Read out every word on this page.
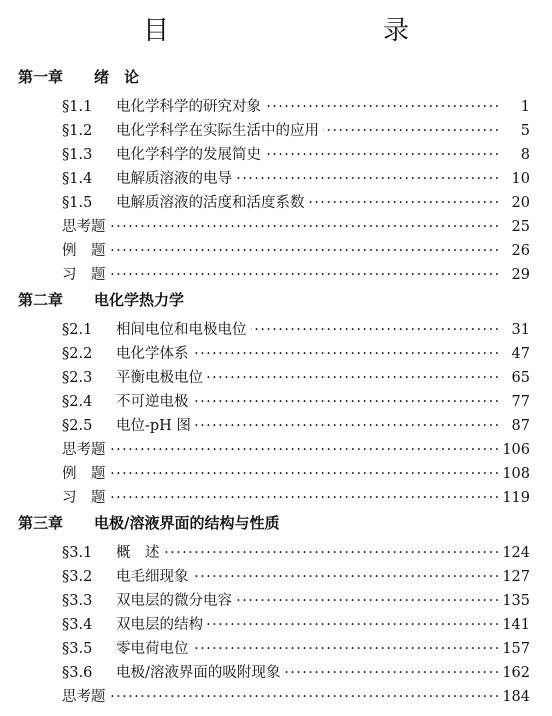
目　　录
第一章 绪　论
·····
§1.1 电化学科学的研究对象	1
·····
§1.2 电化学科学在实际生活中的应用	5
·····
§1.3 电化学科学的发展简史	8
·····
§1.4 电解质溶液的电导	10
·····
§1.5 电解质溶液的活度和活度系数	20
·····
思考题	25
·····
例　题	26
·····
习　题	29
第二章 电化学热力学
·····
§2.1 相间电位和电极电位	31
·····
§2.2 电化学体系	47
·····
§2.3 平衡电极电位	65
·····
§2.4 不可逆电极	77
·····
§2.5 电位-pH 图	87
·····
思考题	106
·····
例　题	108
·····
习　题	119
第三章 电极/溶液界面的结构与性质
·····
§3.1 概　述	124
·····
§3.2 电毛细现象	127
·····
§3.3 双电层的微分电容	135
·····
§3.4 双电层的结构	141
·····
§3.5 零电荷电位	157
·····
§3.6 电极/溶液界面的吸附现象	162
·····
思考题	184
